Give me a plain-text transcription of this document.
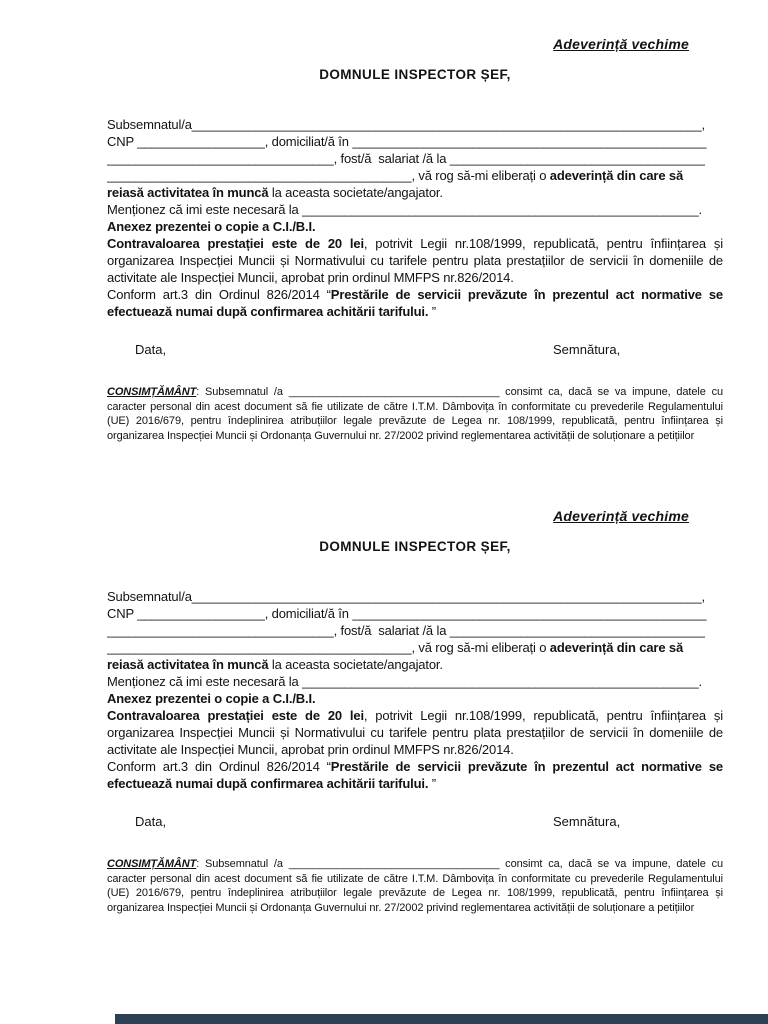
Adeverință vechime
DOMNULE INSPECTOR ȘEF,
Subsemnatul/a________________________________________________________________________,
CNP __________________, domiciliat/ă în __________________________________________________
________________________________, fost/ă  salariat /ă la ____________________________________
___________________________________________, vă rog să-mi eliberați o adeverință din care să
reiasă activitatea în muncă la aceasta societate/angajator.
Menționez că imi este necesară la ________________________________________________________.
Anexez prezentei o copie a C.I./B.I.
Contravaloarea prestației este de 20 lei, potrivit Legii nr.108/1999, republicată, pentru înființarea și organizarea Inspecției Muncii și Normativului cu tarifele pentru plata prestațiilor de servicii în domeniile de activitate ale Inspecției Muncii, aprobat prin ordinul MMFPS nr.826/2014.
Conform art.3 din Ordinul 826/2014 “Prestările de servicii prevăzute în prezentul act normative se efectuează numai după confirmarea achitării tarifului. ”
Data,	Semnătura,
CONSIMȚĂMÂNT: Subsemnatul /a ___________________________________ consimt ca, dacă se va impune, datele cu caracter personal din acest document să fie utilizate de către I.T.M. Dâmbovița în conformitate cu prevederile Regulamentului (UE) 2016/679, pentru îndeplinirea atribuțiilor legale prevăzute de Legea nr. 108/1999, republicată, pentru înființarea și organizarea Inspecției Muncii și Ordonanța Guvernului nr. 27/2002 privind reglementarea activității de soluționare a petițiilor
Adeverință vechime
DOMNULE INSPECTOR ȘEF,
Subsemnatul/a________________________________________________________________________,
CNP __________________, domiciliat/ă în __________________________________________________
________________________________, fost/ă  salariat /ă la ____________________________________
___________________________________________, vă rog să-mi eliberați o adeverință din care să
reiasă activitatea în muncă la aceasta societate/angajator.
Menționez că imi este necesară la ________________________________________________________.
Anexez prezentei o copie a C.I./B.I.
Contravaloarea prestației este de 20 lei, potrivit Legii nr.108/1999, republicată, pentru înființarea și organizarea Inspecției Muncii și Normativului cu tarifele pentru plata prestațiilor de servicii în domeniile de activitate ale Inspecției Muncii, aprobat prin ordinul MMFPS nr.826/2014.
Conform art.3 din Ordinul 826/2014 “Prestările de servicii prevăzute în prezentul act normative se efectuează numai după confirmarea achitării tarifului. ”
Data,	Semnătura,
CONSIMȚĂMÂNT: Subsemnatul /a ___________________________________ consimt ca, dacă se va impune, datele cu caracter personal din acest document să fie utilizate de către I.T.M. Dâmbovița în conformitate cu prevederile Regulamentului (UE) 2016/679, pentru îndeplinirea atribuțiilor legale prevăzute de Legea nr. 108/1999, republicată, pentru înființarea și organizarea Inspecției Muncii și Ordonanța Guvernului nr. 27/2002 privind reglementarea activității de soluționare a petițiilor
